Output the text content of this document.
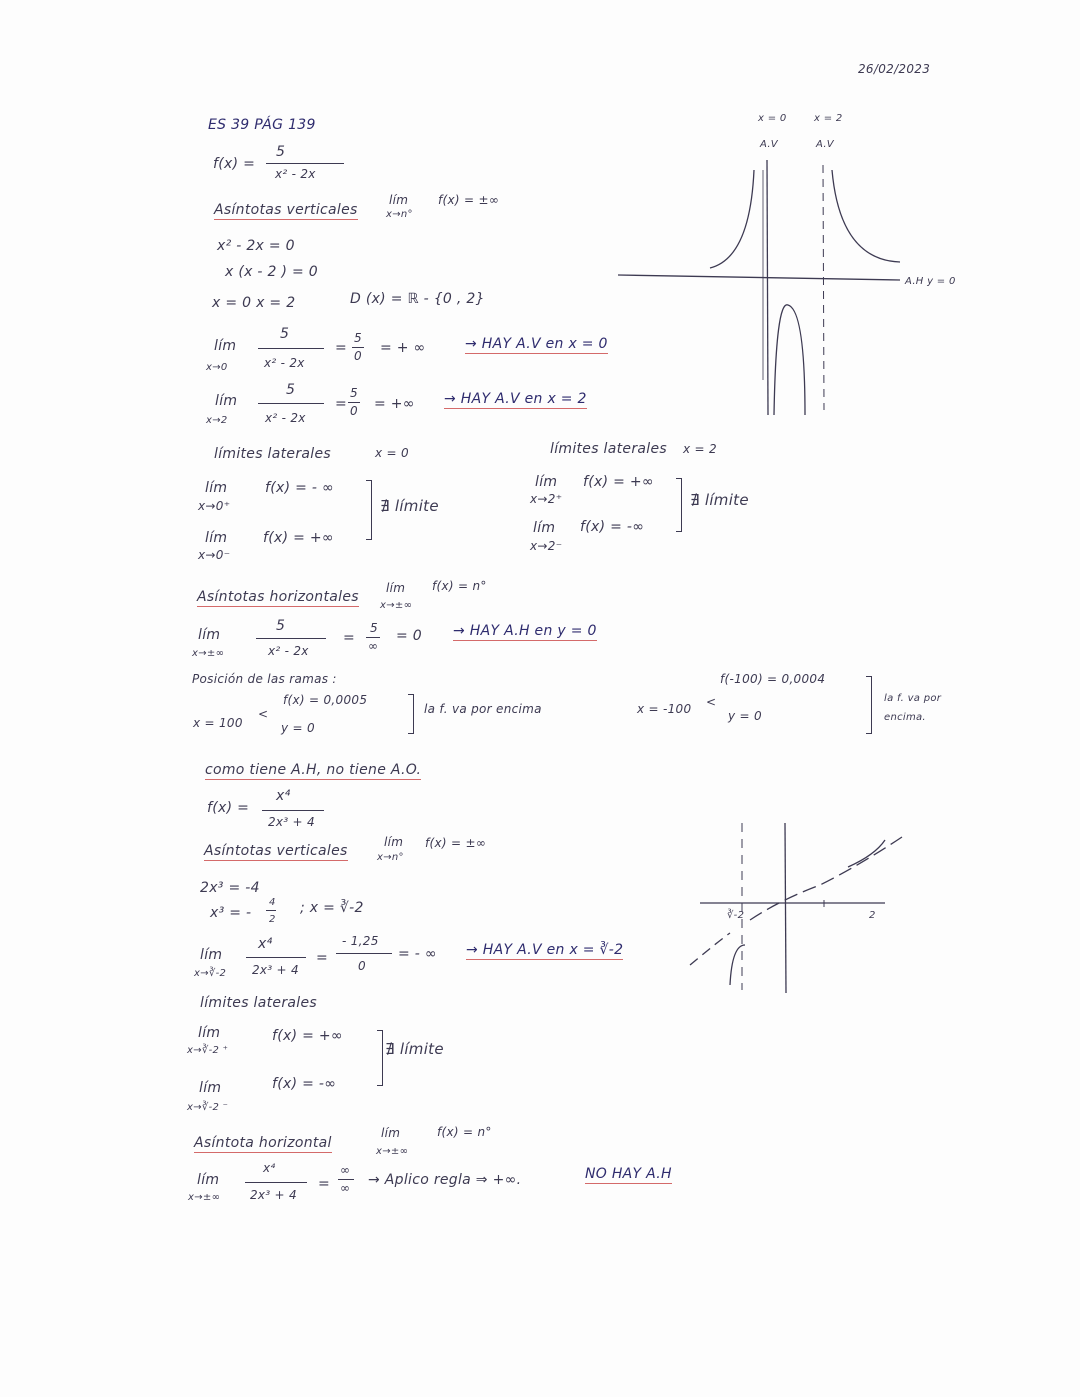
26/02/2023
ES 39 PÁG 139
f(x) =
5
x² - 2x
Asíntotas verticales
lím
x→n°
f(x) = ±∞
x² - 2x = 0
x (x - 2 ) = 0
x = 0 x = 2	D (x) = ℝ - {0 , 2}
lím
x→0
5
x² - 2x
=
5
0 = + ∞	→ HAY A.V en x = 0
lím
x→2
5
x² - 2x
=
5
0 = +∞ → HAY A.V en x = 2
límites laterales	x = 0
lím
x→0⁺
f(x) = - ∞
lím
x→0⁻
f(x) = +∞
∄ límite
límites laterales x = 2
lím
x→2⁺
f(x) = +∞
lím
x→2⁻
f(x) = -∞
∄ límite
Asíntotas horizontales
lím
x→±∞
f(x) = n°
lím
x→±∞
5
x² - 2x
=
5
∞
= 0 → HAY A.H en y = 0
Posición de las ramas :
x = 100
<
f(x) = 0,0005
y = 0
la f. va por encima	x = -100 <
f(-100) = 0,0004
y = 0
la f. va por
encima.
como tiene A.H, no tiene A.O.
x = 0
A.V
x = 2
A.V
A.H y = 0
f(x) =
x⁴
2x³ + 4
Asíntotas verticales
lím
x→n°
f(x) = ±∞
2x³ = -4
x³ = -
4
2
; x = ∛-2
lím
x→∛-2
x⁴
2x³ + 4
=
- 1,25
0
= - ∞ → HAY A.V en x = ∛-2
límites laterales
lím
x→∛-2 ⁺
f(x) = +∞
lím
x→∛-2 ⁻
f(x) = -∞
∄ límite
Asíntota horizontal
lím
x→±∞
f(x) = n°
lím
x→±∞
x⁴
2x³ + 4
=
∞
∞ → Aplico regla ⇒ +∞.	NO HAY A.H
∛-2	2
